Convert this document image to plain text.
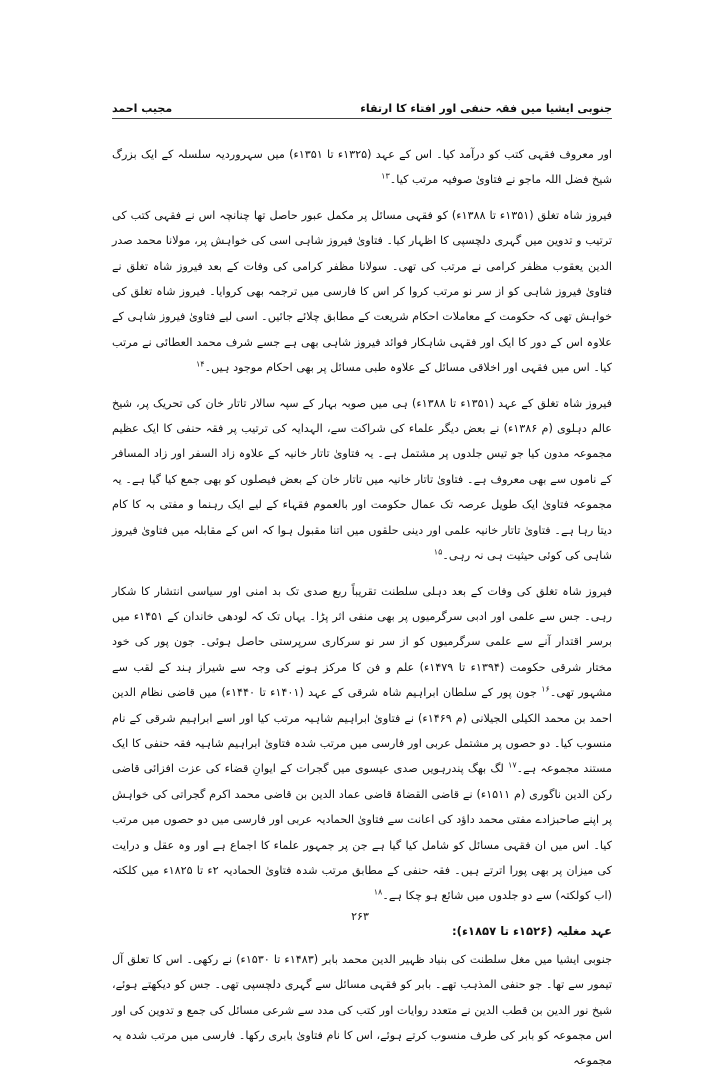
جنوبی ایشیا میں فقہ حنفی اور افتاء کا ارتقاء
مجیب احمد

اور معروف فقہی کتب کو درآمد کیا۔ اس کے عہد (۱۳۲۵ء تا ۱۳۵۱ء) میں سہروردیہ سلسلہ کے ایک بزرگ شیخ فضل اللہ ماجو نے فتاویٰ صوفیہ مرتب کیا۔$^{۱۳}$

فیروز شاہ تغلق (۱۳۵۱ء تا ۱۳۸۸ء) کو فقہی مسائل پر مکمل عبور حاصل تھا چنانچہ اس نے فقہی کتب کی ترتیب و تدوین میں گہری دلچسپی کا اظہار کیا۔ فتاویٰ فیروز شاہی اسی کی خواہش پر، مولانا محمد صدر الدین یعقوب مظفر کرامی نے مرتب کی تھی۔ سولانا مظفر کرامی کی وفات کے بعد فیروز شاہ تغلق نے فتاویٰ فیروز شاہی کو از سر نو مرتب کروا کر اس کا فارسی میں ترجمہ بھی کروایا۔ فیروز شاہ تغلق کی خواہش تھی کہ حکومت کے معاملات احکام شریعت کے مطابق چلائے جائیں۔ اسی لیے فتاویٰ فیروز شاہی کے علاوہ اس کے دور کا ایک اور فقہی شاہکار فوائد فیروز شاہی بھی ہے جسے شرف محمد العطائی نے مرتب کیا۔ اس میں فقہی اور اخلاقی مسائل کے علاوہ طبی مسائل پر بھی احکام موجود ہیں۔$^{۱۴}$

فیروز شاہ تغلق کے عہد (۱۳۵۱ء تا ۱۳۸۸ء) ہی میں صوبہ بہار کے سپہ سالار تاتار خان کی تحریک پر، شیخ عالم دہلوی (م ۱۳۸۶ء) نے بعض دیگر علماء کی شراکت سے، الہدایہ کی ترتیب پر فقہ حنفی کا ایک عظیم مجموعہ مدون کیا جو تیس جلدوں پر مشتمل ہے۔ یہ فتاویٰ تاتار خانیہ کے علاوہ زاد السفر اور زاد المسافر کے ناموں سے بھی معروف ہے۔ فتاویٰ تاتار خانیہ میں تاتار خان کے بعض فیصلوں کو بھی جمع کیا گیا ہے۔ یہ مجموعہ فتاویٰ ایک طویل عرصہ تک عمال حکومت اور بالعموم فقہاء کے لیے ایک رہنما و مفتی بہ کا کام دیتا رہا ہے۔ فتاویٰ تاتار خانیہ علمی اور دینی حلقوں میں اتنا مقبول ہوا کہ اس کے مقابلہ میں فتاویٰ فیروز شاہی کی کوئی حیثیت ہی نہ رہی۔$^{۱۵}$

فیروز شاہ تغلق کی وفات کے بعد دہلی سلطنت تقریباً ربع صدی تک بد امنی اور سیاسی انتشار کا شکار رہی۔ جس سے علمی اور ادبی سرگرمیوں پر بھی منفی اثر پڑا۔ یہاں تک کہ لودھی خاندان کے ۱۴۵۱ء میں برسر اقتدار آنے سے علمی سرگرمیوں کو از سر نو سرکاری سرپرستی حاصل ہوئی۔ جون پور کی خود مختار شرقی حکومت (۱۳۹۴ء تا ۱۴۷۹ء) علم و فن کا مرکز ہونے کی وجہ سے شیراز ہند کے لقب سے مشہور تھی۔$^{۱۶}$ جون پور کے سلطان ابراہیم شاہ شرقی کے عہد (۱۴۰۱ء تا ۱۴۴۰ء) میں قاضی نظام الدین احمد بن محمد الکیلی الجیلانی (م ۱۴۶۹ء) نے فتاویٰ ابراہیم شاہیہ مرتب کیا اور اسے ابراہیم شرقی کے نام منسوب کیا۔ دو حصوں پر مشتمل عربی اور فارسی میں مرتب شدہ فتاویٰ ابراہیم شاہیہ فقہ حنفی کا ایک مستند مجموعہ ہے۔$^{۱۷}$ لگ بھگ پندرہویں صدی عیسوی میں گجرات کے ایوانِ قضاء کی عزت افزائی قاضی رکن الدین ناگوری (م ۱۵۱۱ء) نے قاضی القضاۃ قاضی عماد الدین بن قاضی محمد اکرم گجراتی کی خواہش پر اپنے صاحبزادے مفتی محمد داؤد کی اعانت سے فتاویٰ الحمادیہ عربی اور فارسی میں دو حصوں میں مرتب کیا۔ اس میں ان فقہی مسائل کو شامل کیا گیا ہے جن پر جمہور علماء کا اجماع ہے اور وہ عقل و درایت کی میزان پر بھی پورا اترتے ہیں۔ فقہ حنفی کے مطابق مرتب شدہ فتاویٰ الحمادیہ ۲ء تا ۱۸۲۵ء میں کلکتہ (اب کولکتہ) سے دو جلدوں میں شائع ہو چکا ہے۔$^{۱۸}$

عہد مغلیہ (۱۵۲۶ء تا ۱۸۵۷ء):

جنوبی ایشیا میں مغل سلطنت کی بنیاد ظہیر الدین محمد بابر (۱۴۸۳ء تا ۱۵۳۰ء) نے رکھی۔ اس کا تعلق آل تیمور سے تھا۔ جو حنفی المذہب تھے۔ بابر کو فقہی مسائل سے گہری دلچسپی تھی۔ جس کو دیکھتے ہوئے، شیخ نور الدین بن قطب الدین نے متعدد روایات اور کتب کی مدد سے شرعی مسائل کی جمع و تدوین کی اور اس مجموعہ کو بابر کی طرف منسوب کرتے ہوئے، اس کا نام فتاویٰ بابری رکھا۔ فارسی میں مرتب شدہ یہ مجموعہ

۲۶۳
